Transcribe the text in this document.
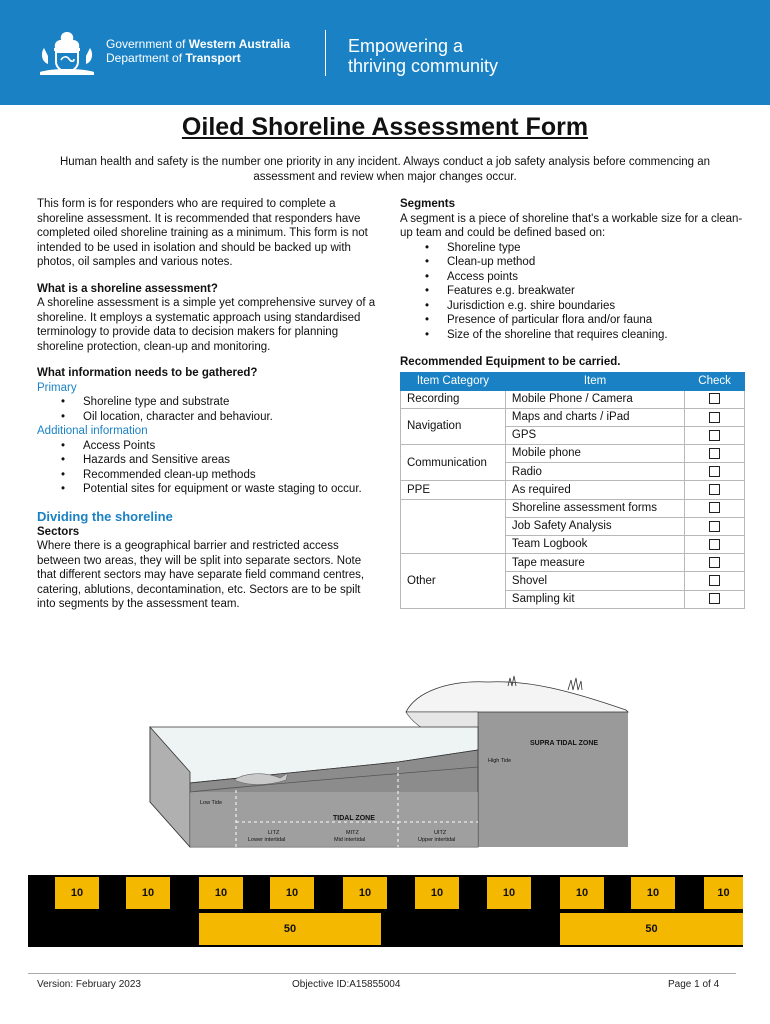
Government of Western Australia
Department of Transport
Empowering a
thriving community
Oiled Shoreline Assessment Form
Human health and safety is the number one priority in any incident. Always conduct a job safety analysis before commencing an assessment and review when major changes occur.
This form is for responders who are required to complete a shoreline assessment. It is recommended that responders have completed oiled shoreline training as a minimum. This form is not intended to be used in isolation and should be backed up with photos, oil samples and various notes.
What is a shoreline assessment?
A shoreline assessment is a simple yet comprehensive survey of a shoreline. It employs a systematic approach using standardised terminology to provide data to decision makers for planning shoreline protection, clean-up and monitoring.
What information needs to be gathered?
Primary
• Shoreline type and substrate
• Oil location, character and behaviour.
Additional information
• Access Points
• Hazards and Sensitive areas
• Recommended clean-up methods
• Potential sites for equipment or waste staging to occur.
Dividing the shoreline
Sectors
Where there is a geographical barrier and restricted access between two areas, they will be split into separate sectors. Note that different sectors may have separate field command centres, catering, ablutions, decontamination, etc. Sectors are to be spilt into segments by the assessment team.
Segments
A segment is a piece of shoreline that's a workable size for a clean-up team and could be defined based on:
• Shoreline type
• Clean-up method
• Access points
• Features e.g. breakwater
• Jurisdiction e.g. shire boundaries
• Presence of particular flora and/or fauna
• Size of the shoreline that requires cleaning.
Recommended Equipment to be carried.
Item Category	Item	Check
Recording	Mobile Phone / Camera	
Navigation	Maps and charts / iPad	
	GPS	
Communication	Mobile phone	
	Radio	
PPE	As required	
	Shoreline assessment forms	
	Job Safety Analysis	
	Team Logbook	
Other	Tape measure	
	Shovel	
	Sampling kit	
SUPRA TIDAL ZONE
High Tide
Low Tide
TIDAL ZONE
LITZ
Lower intertidal
MITZ
Mid intertidal
UITZ
Upper intertidal
10	10	10	10	10	10	10	10	10	10
50	50
Version: February 2023	Objective ID:A15855004	Page 1 of 4
